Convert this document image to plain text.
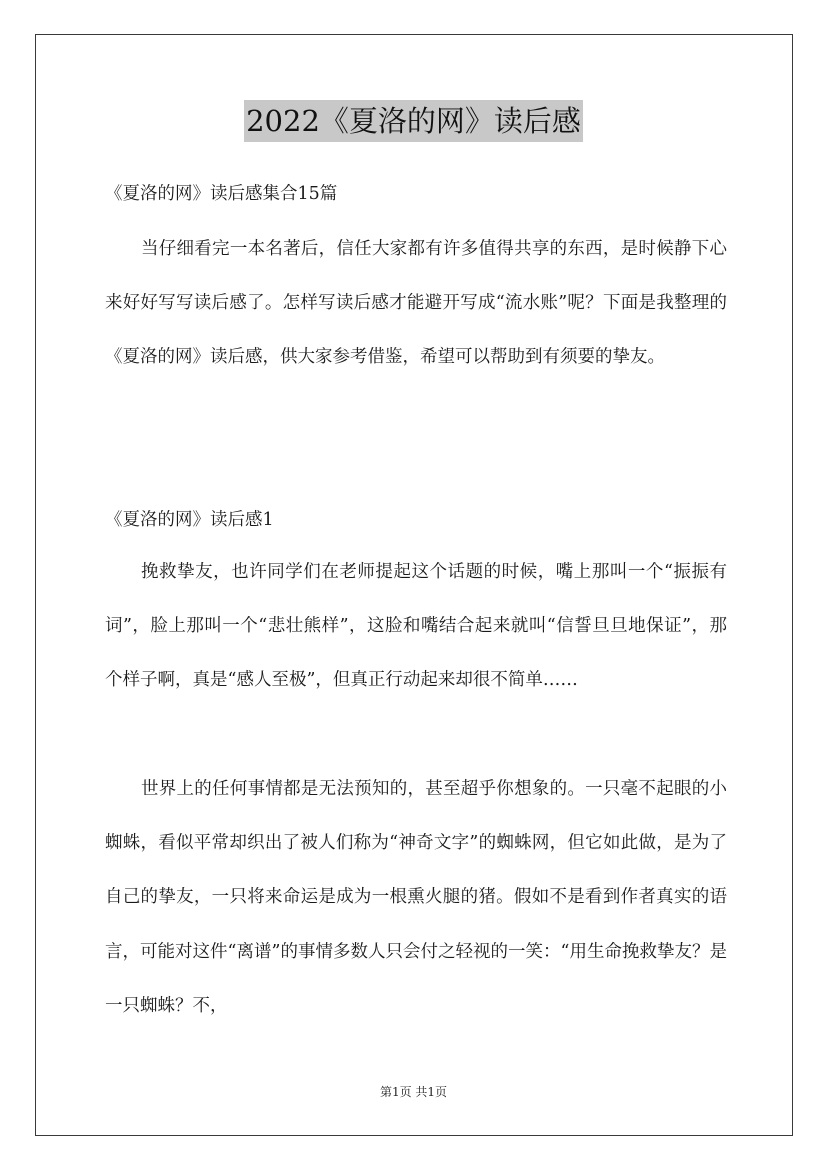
2022《夏洛的网》读后感
《夏洛的网》读后感集合15篇

当仔细看完一本名著后，信任大家都有许多值得共享的东西，是时候静下心来好好写写读后感了。怎样写读后感才能避开写成“流水账”呢？下面是我整理的《夏洛的网》读后感，供大家参考借鉴，希望可以帮助到有须要的挚友。

《夏洛的网》读后感1

挽救挚友，也许同学们在老师提起这个话题的时候，嘴上那叫一个“振振有词”，脸上那叫一个“悲壮熊样”，这脸和嘴结合起来就叫“信誓旦旦地保证”，那个样子啊，真是“感人至极”，但真正行动起来却很不简单……

世界上的任何事情都是无法预知的，甚至超乎你想象的。一只毫不起眼的小蜘蛛，看似平常却织出了被人们称为“神奇文字”的蜘蛛网，但它如此做，是为了自己的挚友，一只将来命运是成为一根熏火腿的猪。假如不是看到作者真实的语言，可能对这件“离谱”的事情多数人只会付之轻视的一笑：“用生命挽救挚友？是一只蜘蛛？不，

第1页 共1页
